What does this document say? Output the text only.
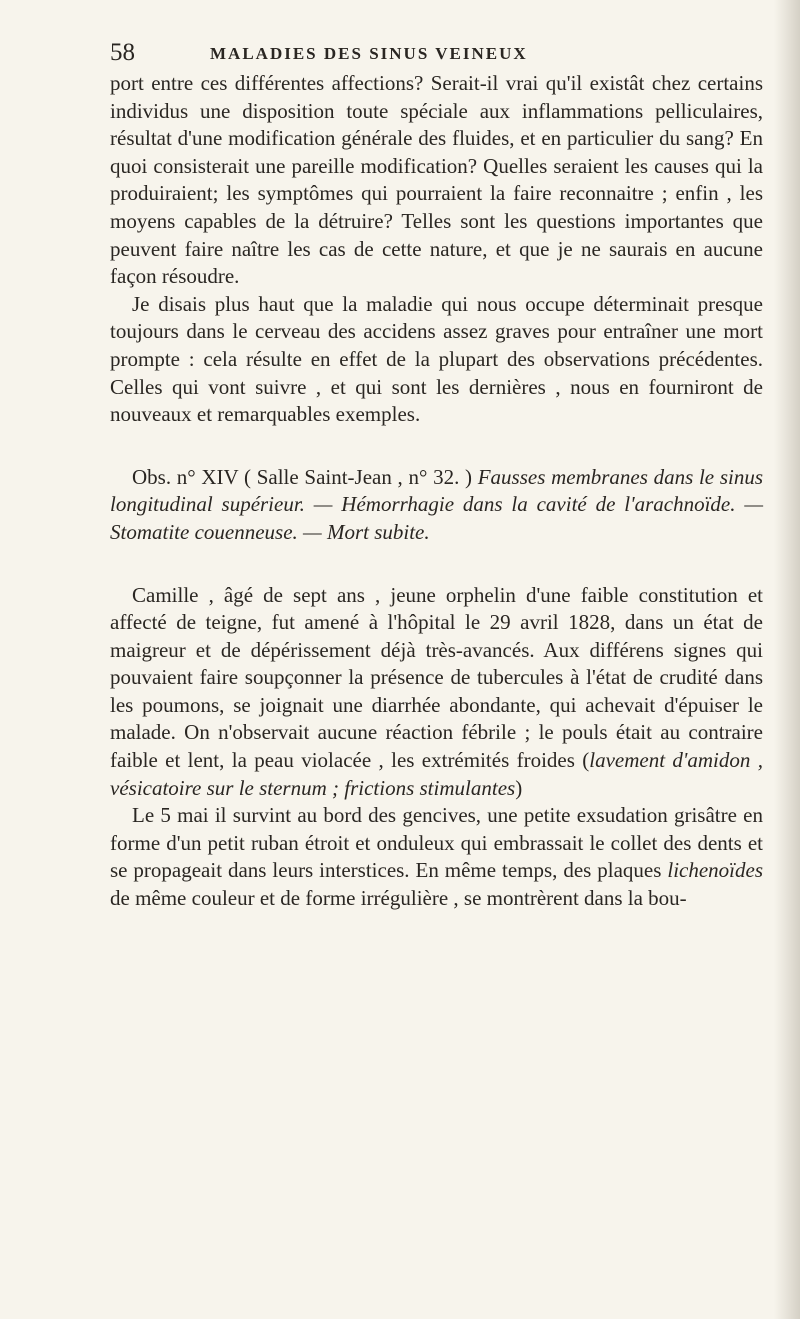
58	MALADIES DES SINUS VEINEUX

port entre ces différentes affections? Serait-il vrai qu'il existât chez certains individus une disposition toute spéciale aux inflammations pelliculaires, résultat d'une modification générale des fluides, et en particulier du sang? En quoi consisterait une pareille modification? Quelles seraient les causes qui la produiraient; les symptômes qui pourraient la faire reconnaitre ; enfin , les moyens capables de la détruire? Telles sont les questions importantes que peuvent faire naître les cas de cette nature, et que je ne saurais en aucune façon résoudre.

Je disais plus haut que la maladie qui nous occupe déterminait presque toujours dans le cerveau des accidens assez graves pour entraîner une mort prompte : cela résulte en effet de la plupart des observations précédentes. Celles qui vont suivre , et qui sont les dernières , nous en fourniront de nouveaux et remarquables exemples.

Obs. n° XIV ( Salle Saint-Jean , n° 32. ) Fausses membranes dans le sinus longitudinal supérieur. — Hémorrhagie dans la cavité de l'arachnoïde. — Stomatite couenneuse. — Mort subite.

Camille , âgé de sept ans , jeune orphelin d'une faible constitution et affecté de teigne, fut amené à l'hôpital le 29 avril 1828, dans un état de maigreur et de dépérissement déjà très-avancés. Aux différens signes qui pouvaient faire soupçonner la présence de tubercules à l'état de crudité dans les poumons, se joignait une diarrhée abondante, qui achevait d'épuiser le malade. On n'observait aucune réaction fébrile ; le pouls était au contraire faible et lent, la peau violacée , les extrémités froides (lavement d'amidon , vésicatoire sur le sternum ; frictions stimulantes)

Le 5 mai il survint au bord des gencives, une petite exsudation grisâtre en forme d'un petit ruban étroit et onduleux qui embrassait le collet des dents et se propageait dans leurs interstices. En même temps, des plaques lichenoïdes de même couleur et de forme irrégulière , se montrèrent dans la bou-
